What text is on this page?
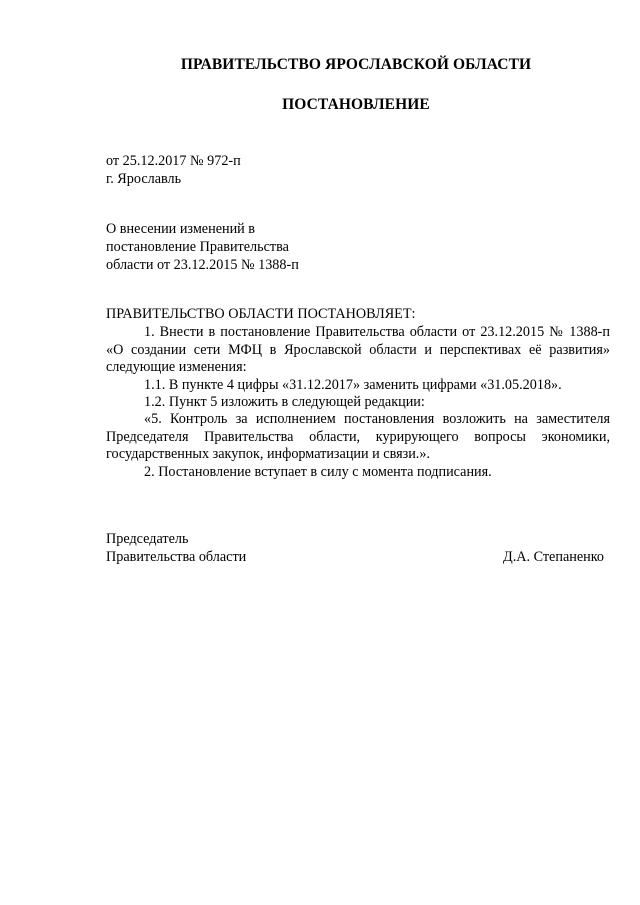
ПРАВИТЕЛЬСТВО ЯРОСЛАВСКОЙ ОБЛАСТИ
ПОСТАНОВЛЕНИЕ
от 25.12.2017 № 972-п
г. Ярославль
О внесении изменений в
постановление Правительства
области от 23.12.2015 № 1388-п
ПРАВИТЕЛЬСТВО ОБЛАСТИ ПОСТАНОВЛЯЕТ:

1. Внести в постановление Правительства области от 23.12.2015 № 1388-п «О создании сети МФЦ в Ярославской области и перспективах её развития» следующие изменения:

1.1. В пункте 4 цифры «31.12.2017» заменить цифрами «31.05.2018».

1.2. Пункт 5 изложить в следующей редакции:

«5. Контроль за исполнением постановления возложить на заместителя Председателя Правительства области, курирующего вопросы экономики, государственных закупок, информатизации и связи.».

2. Постановление вступает в силу с момента подписания.

Председатель
Правительства области	Д.А. Степаненко
